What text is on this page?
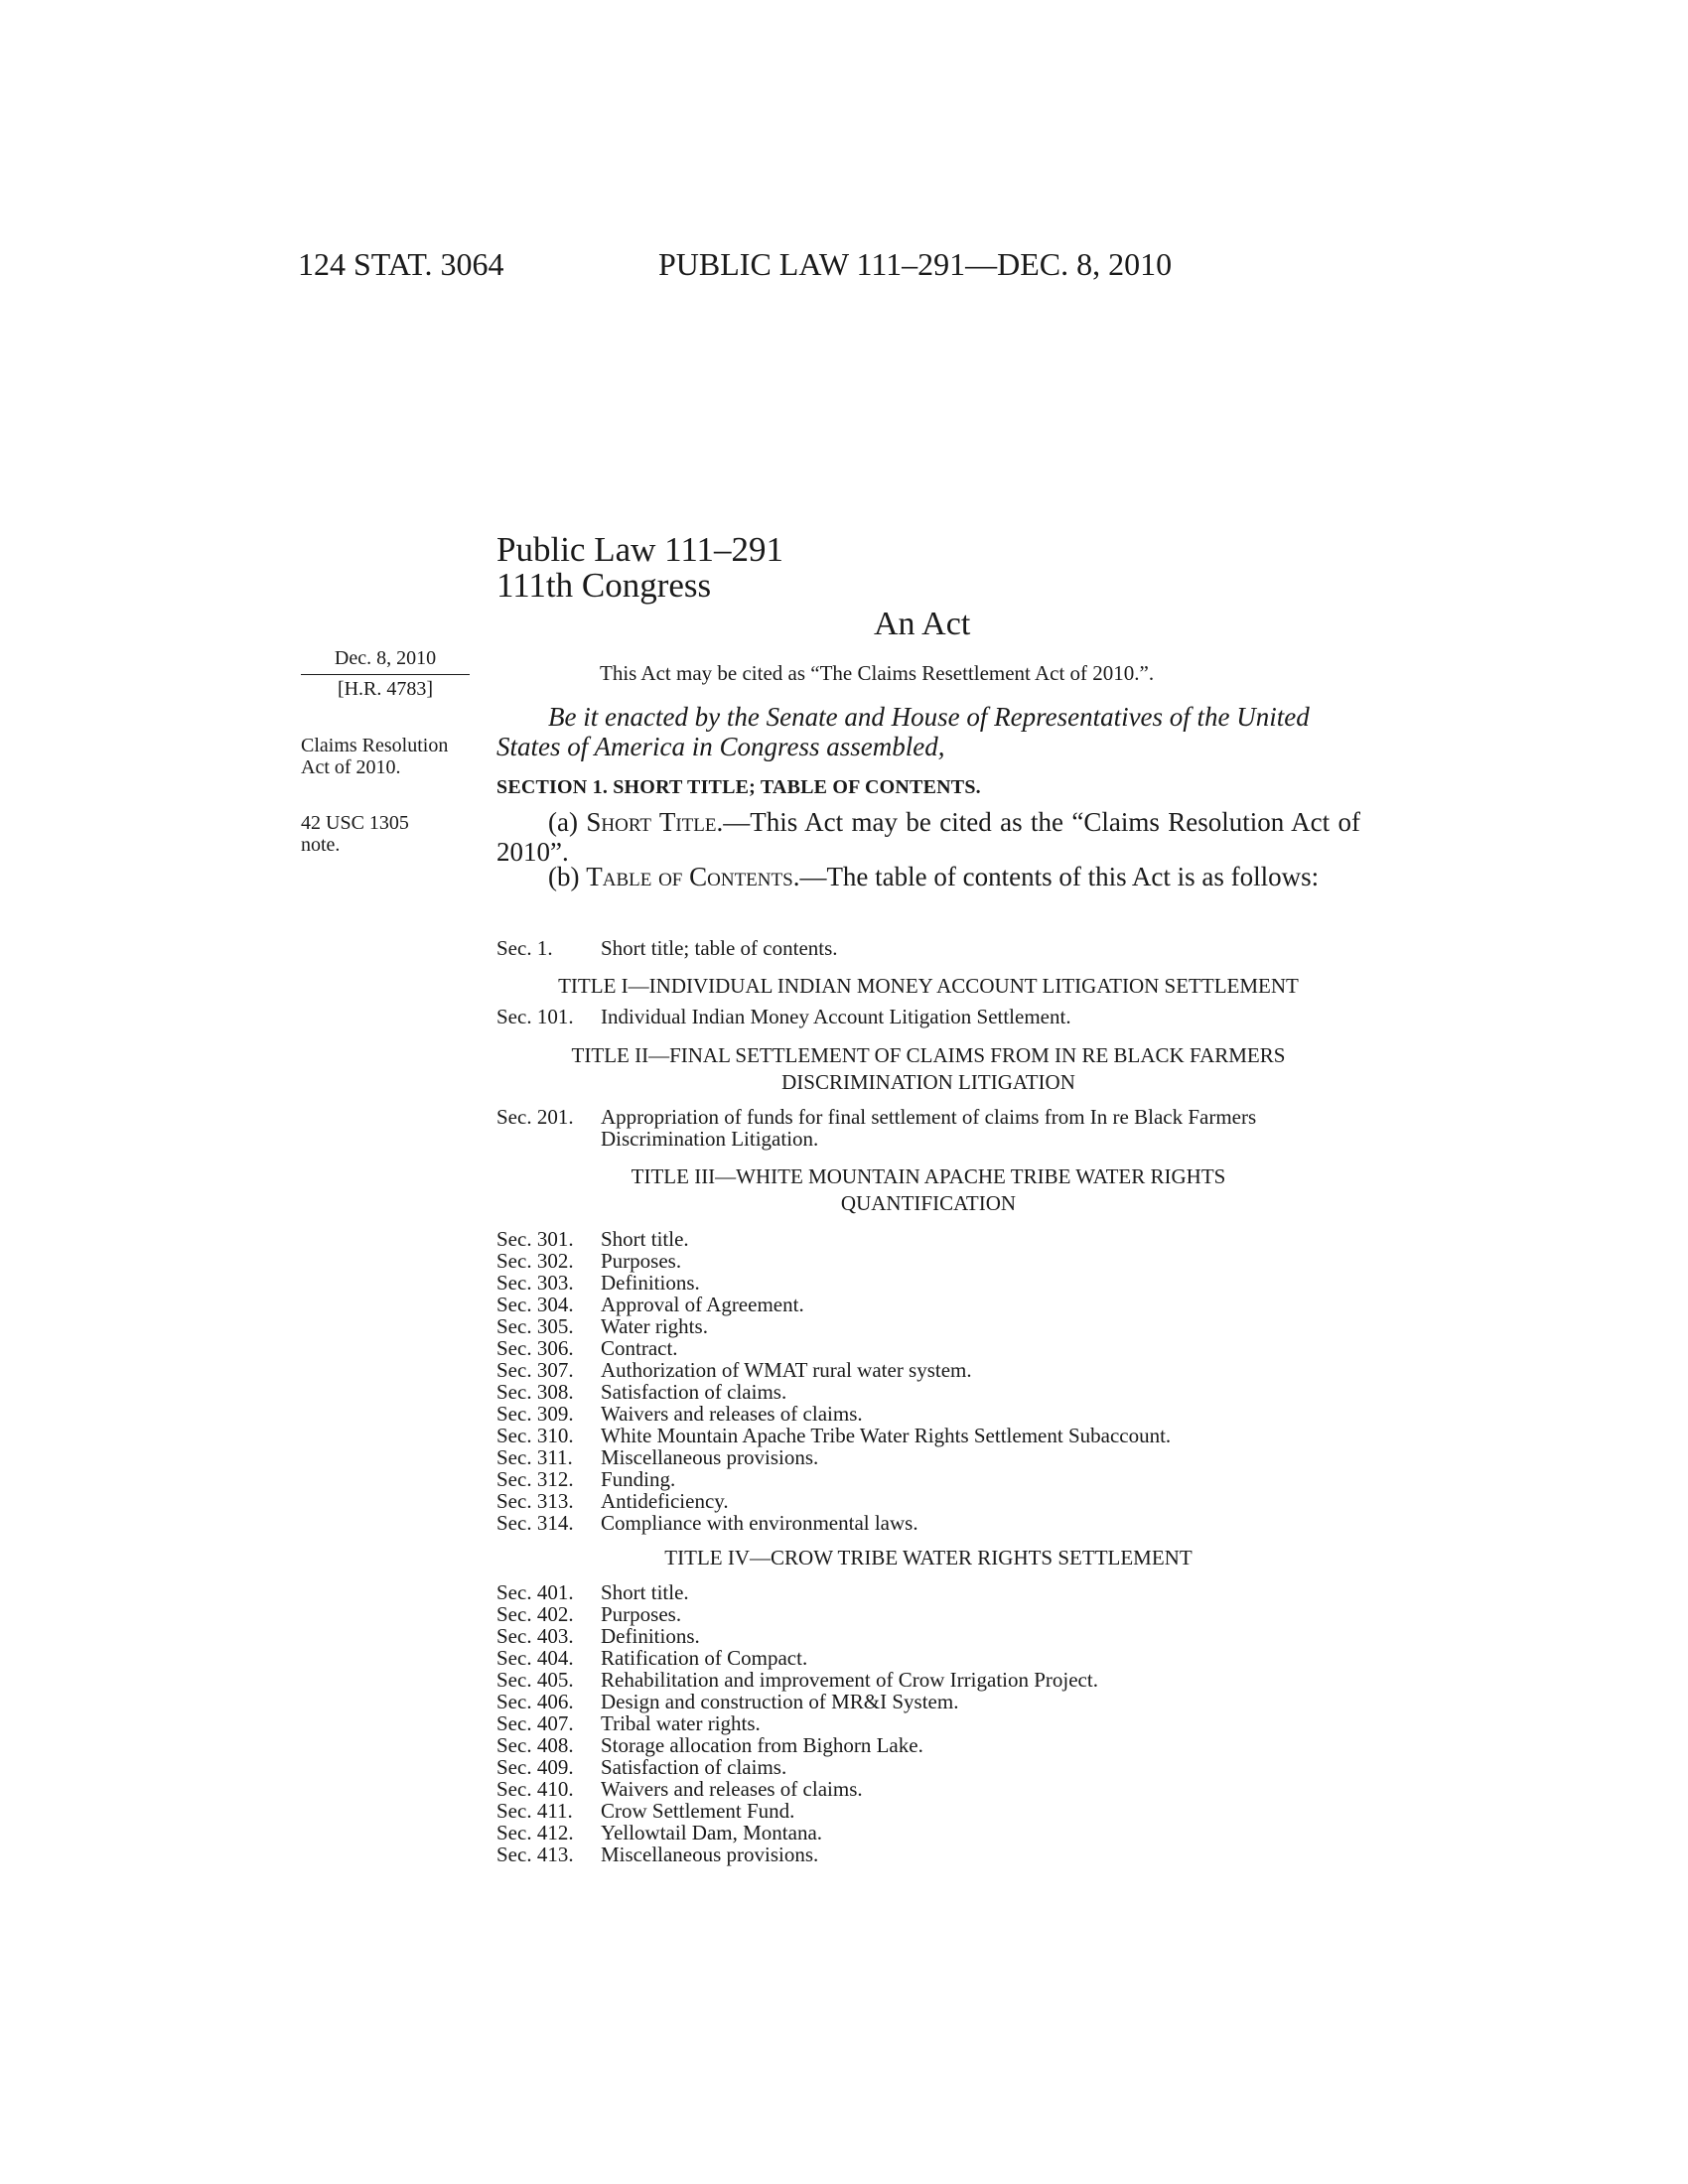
124 STAT. 3064	PUBLIC LAW 111–291—DEC. 8, 2010
Public Law 111–291
111th Congress
An Act
Dec. 8, 2010
[H.R. 4783]
Claims Resolution Act of 2010.
42 USC 1305 note.
This Act may be cited as “The Claims Resettlement Act of 2010.”.
Be it enacted by the Senate and House of Representatives of the United States of America in Congress assembled,
SECTION 1. SHORT TITLE; TABLE OF CONTENTS.
(a) Short Title.—This Act may be cited as the “Claims Resolution Act of 2010”.
(b) Table of Contents.—The table of contents of this Act is as follows:
Sec. 1.	Short title; table of contents.
TITLE I—INDIVIDUAL INDIAN MONEY ACCOUNT LITIGATION SETTLEMENT
Sec. 101.	Individual Indian Money Account Litigation Settlement.
TITLE II—FINAL SETTLEMENT OF CLAIMS FROM IN RE BLACK FARMERS
DISCRIMINATION LITIGATION
Sec. 201.	Appropriation of funds for final settlement of claims from In re Black Farmers Discrimination Litigation.
TITLE III—WHITE MOUNTAIN APACHE TRIBE WATER RIGHTS
QUANTIFICATION
Sec. 301.	Short title.
Sec. 302.	Purposes.
Sec. 303.	Definitions.
Sec. 304.	Approval of Agreement.
Sec. 305.	Water rights.
Sec. 306.	Contract.
Sec. 307.	Authorization of WMAT rural water system.
Sec. 308.	Satisfaction of claims.
Sec. 309.	Waivers and releases of claims.
Sec. 310.	White Mountain Apache Tribe Water Rights Settlement Subaccount.
Sec. 311.	Miscellaneous provisions.
Sec. 312.	Funding.
Sec. 313.	Antideficiency.
Sec. 314.	Compliance with environmental laws.
TITLE IV—CROW TRIBE WATER RIGHTS SETTLEMENT
Sec. 401.	Short title.
Sec. 402.	Purposes.
Sec. 403.	Definitions.
Sec. 404.	Ratification of Compact.
Sec. 405.	Rehabilitation and improvement of Crow Irrigation Project.
Sec. 406.	Design and construction of MR&I System.
Sec. 407.	Tribal water rights.
Sec. 408.	Storage allocation from Bighorn Lake.
Sec. 409.	Satisfaction of claims.
Sec. 410.	Waivers and releases of claims.
Sec. 411.	Crow Settlement Fund.
Sec. 412.	Yellowtail Dam, Montana.
Sec. 413.	Miscellaneous provisions.
